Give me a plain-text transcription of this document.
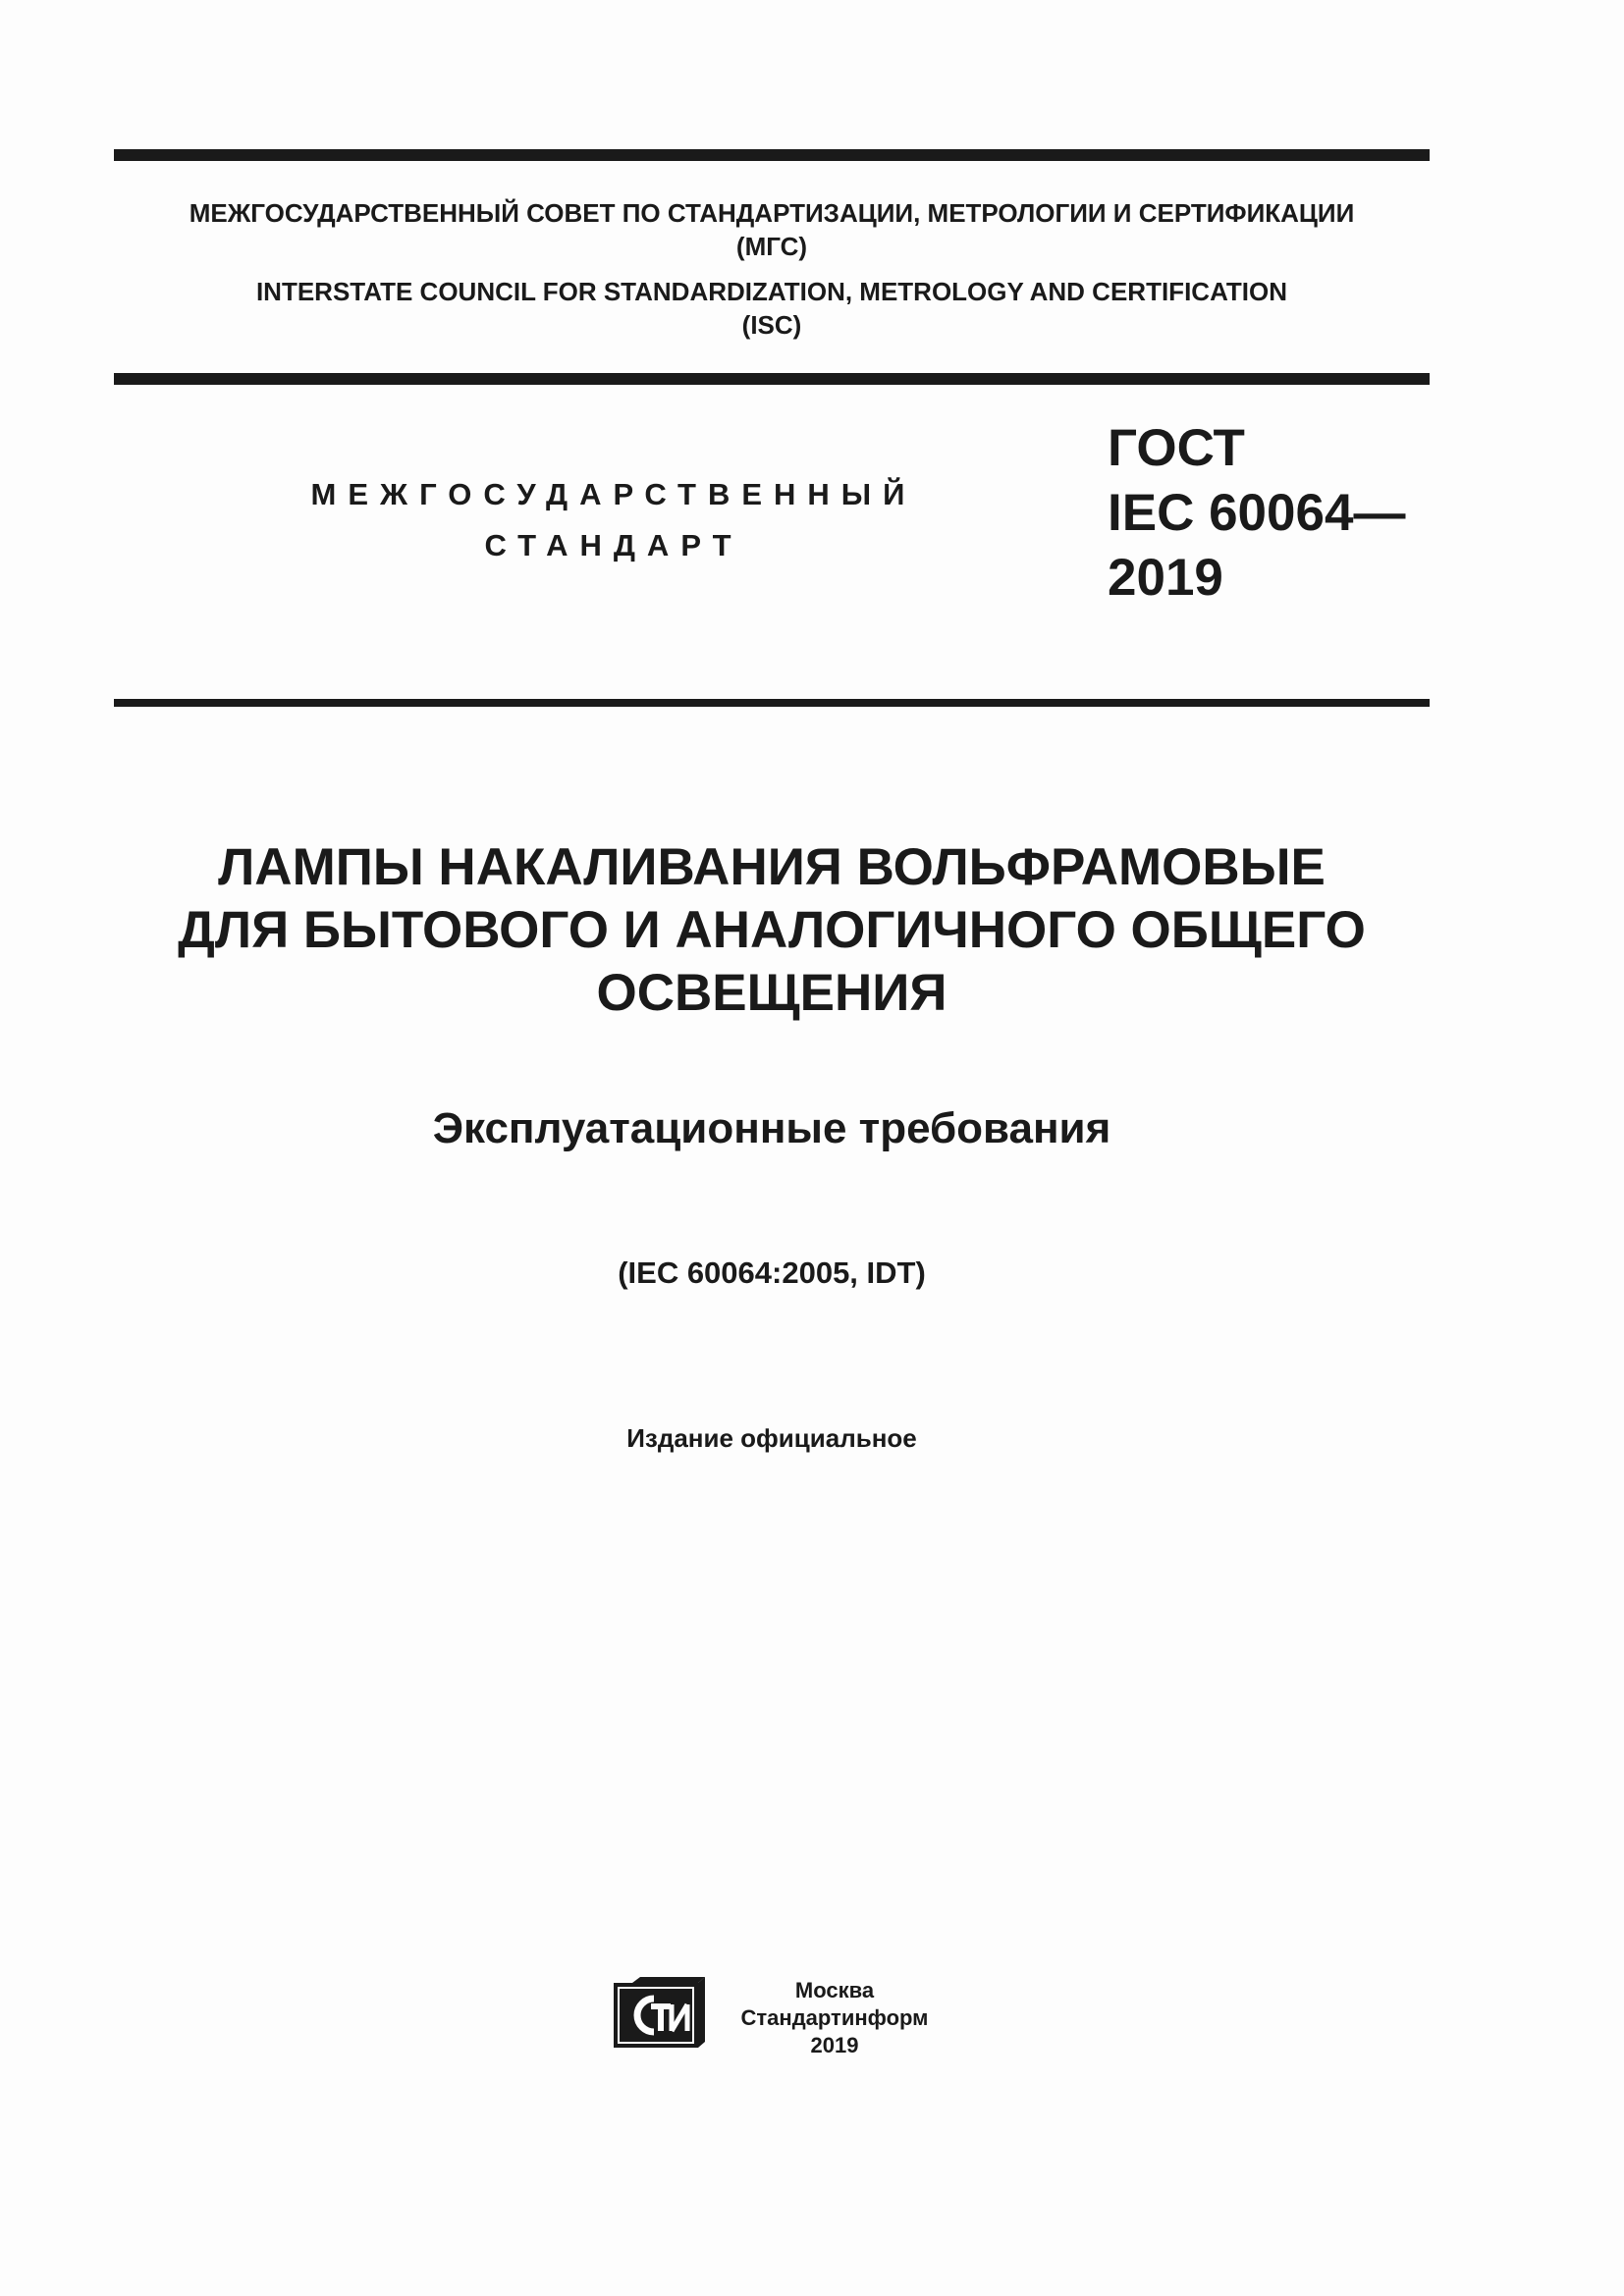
МЕЖГОСУДАРСТВЕННЫЙ СОВЕТ ПО СТАНДАРТИЗАЦИИ, МЕТРОЛОГИИ И СЕРТИФИКАЦИИ
(МГС)
INTERSTATE COUNCIL FOR STANDARDIZATION, METROLOGY AND CERTIFICATION
(ISC)
МЕЖГОСУДАРСТВЕННЫЙ
СТАНДАРТ
ГОСТ
IEC 60064—
2019
ЛАМПЫ НАКАЛИВАНИЯ ВОЛЬФРАМОВЫЕ
ДЛЯ БЫТОВОГО И АНАЛОГИЧНОГО ОБЩЕГО
ОСВЕЩЕНИЯ
Эксплуатационные требования
(IEC 60064:2005, IDT)
Издание официальное
СТИ
Москва
Стандартинформ
2019
